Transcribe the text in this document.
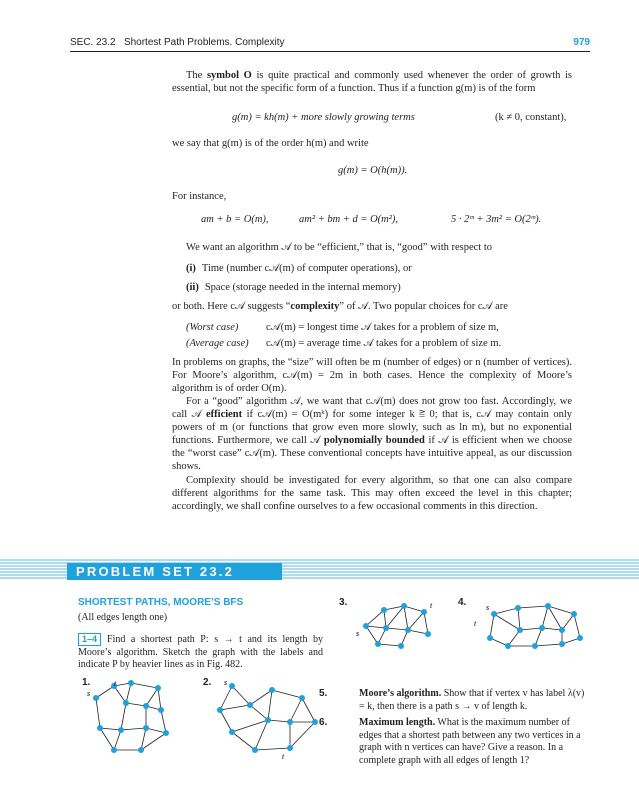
SEC. 23.2 Shortest Path Problems. Complexity	979

The symbol O is quite practical and commonly used whenever the order of growth is essential, but not the specific form of a function. Thus if a function g(m) is of the form

g(m) = kh(m) + more slowly growing terms	(k ≠ 0, constant),

we say that g(m) is of the order h(m) and write

g(m) = O(h(m)).

For instance,

am + b = O(m),	am² + bm + d = O(m²),	5 · 2ᵐ + 3m² = O(2ᵐ).

We want an algorithm 𝒜 to be “efficient,” that is, “good” with respect to

(i) Time (number c𝒜(m) of computer operations), or
(ii) Space (storage needed in the internal memory)

or both. Here c𝒜 suggests “complexity” of 𝒜. Two popular choices for c𝒜 are

(Worst case)	c𝒜(m) = longest time 𝒜 takes for a problem of size m,
(Average case) c𝒜(m) = average time 𝒜 takes for a problem of size m.

In problems on graphs, the “size” will often be m (number of edges) or n (number of vertices). For Moore’s algorithm, c𝒜(m) = 2m in both cases. Hence the complexity of Moore’s algorithm is of order O(m).

For a “good” algorithm 𝒜, we want that c𝒜(m) does not grow too fast. Accordingly, we call 𝒜 efficient if c𝒜(m) = O(mᵏ) for some integer k ≧ 0; that is, c𝒜 may contain only powers of m (or functions that grow even more slowly, such as ln m), but no exponential functions. Furthermore, we call 𝒜 polynomially bounded if 𝒜 is efficient when we choose the “worst case” c𝒜(m). These conventional concepts have intuitive appeal, as our discussion shows.

Complexity should be investigated for every algorithm, so that one can also compare different algorithms for the same task. This may often exceed the level in this chapter; accordingly, we shall confine ourselves to a few occasional comments in this direction.

PROBLEM SET 23.2
SHORTEST PATHS, MOORE’S BFS

(All edges length one)

1–4 Find a shortest path P: s → t and its length by Moore’s algorithm. Sketch the graph with the labels and indicate P by heavier lines as in Fig. 482.

1.	2.
3.	4.
s
t	s
t
s
t	s
t

5.	Moore’s algorithm. Show that if vertex v has label λ(v) = k, then there is a path s → v of length k.

6.	Maximum length. What is the maximum number of edges that a shortest path between any two vertices in a graph with n vertices can have? Give a reason. In a complete graph with all edges of length 1?
